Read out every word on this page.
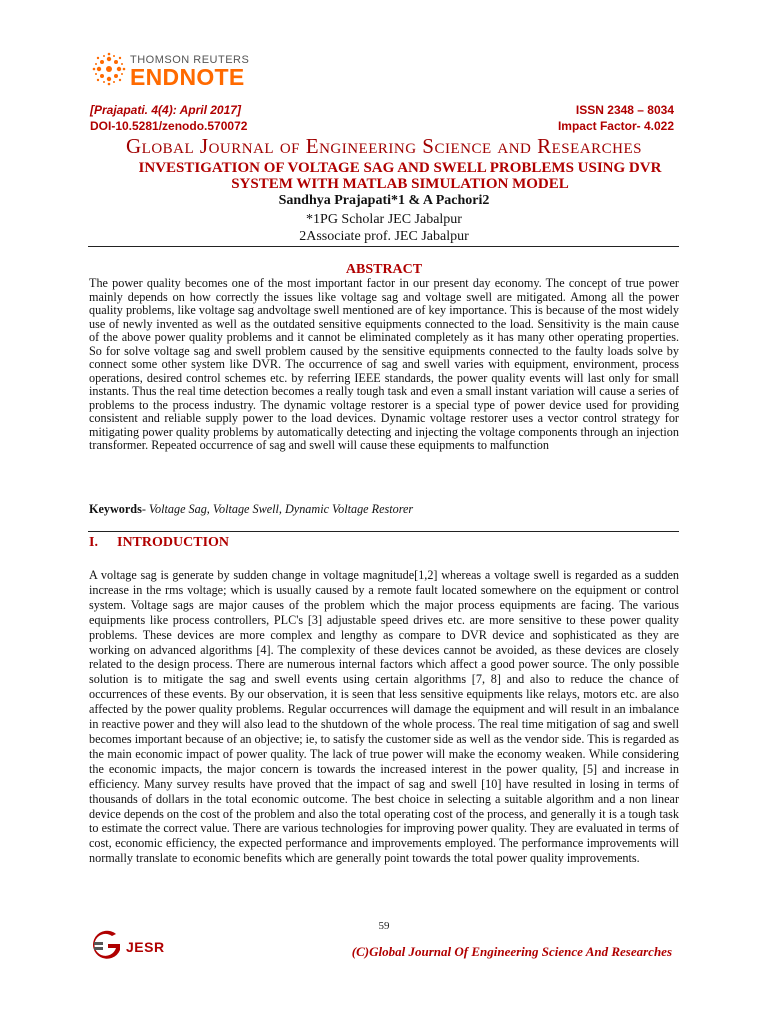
THOMSON REUTERS
ENDNOTE
[Prajapati. 4(4): April 2017]
DOI-10.5281/zenodo.570072
ISSN 2348 – 8034
Impact Factor- 4.022
Global Journal of Engineering Science and Researches
INVESTIGATION OF VOLTAGE SAG AND SWELL PROBLEMS USING DVR SYSTEM WITH MATLAB SIMULATION MODEL
Sandhya Prajapati*1 & A Pachori2
*1PG Scholar JEC Jabalpur
2Associate prof. JEC Jabalpur
ABSTRACT
The power quality becomes one of the most important factor in our present day economy. The concept of true power mainly depends on how correctly the issues like voltage sag and voltage swell are mitigated. Among all the power quality problems, like voltage sag andvoltage swell mentioned are of key importance. This is because of the most widely use of newly invented as well as the outdated sensitive equipments connected to the load. Sensitivity is the main cause of the above power quality problems and it cannot be eliminated completely as it has many other operating properties. So for solve voltage sag and swell problem caused by the sensitive equipments connected to the faulty loads solve by connect some other system like DVR. The occurrence of sag and swell varies with equipment, environment, process operations, desired control schemes etc. by referring IEEE standards, the power quality events will last only for small instants. Thus the real time detection becomes a really tough task and even a small instant variation will cause a series of problems to the process industry. The dynamic voltage restorer is a special type of power device used for providing consistent and reliable supply power to the load devices. Dynamic voltage restorer uses a vector control strategy for mitigating power quality problems by automatically detecting and injecting the voltage components through an injection transformer. Repeated occurrence of sag and swell will cause these equipments to malfunction
Keywords- Voltage Sag, Voltage Swell, Dynamic Voltage Restorer
I. INTRODUCTION
A voltage sag is generate by sudden change in voltage magnitude[1,2] whereas a voltage swell is regarded as a sudden increase in the rms voltage; which is usually caused by a remote fault located somewhere on the equipment or control system. Voltage sags are major causes of the problem which the major process equipments are facing. The various equipments like process controllers, PLC's [3] adjustable speed drives etc. are more sensitive to these power quality problems. These devices are more complex and lengthy as compare to DVR device and sophisticated as they are working on advanced algorithms [4]. The complexity of these devices cannot be avoided, as these devices are closely related to the design process. There are numerous internal factors which affect a good power source. The only possible solution is to mitigate the sag and swell events using certain algorithms [7, 8] and also to reduce the chance of occurrences of these events. By our observation, it is seen that less sensitive equipments like relays, motors etc. are also affected by the power quality problems. Regular occurrences will damage the equipment and will result in an imbalance in reactive power and they will also lead to the shutdown of the whole process. The real time mitigation of sag and swell becomes important because of an objective; ie, to satisfy the customer side as well as the vendor side. This is regarded as the main economic impact of power quality. The lack of true power will make the economy weaken. While considering the economic impacts, the major concern is towards the increased interest in the power quality, [5] and increase in efficiency. Many survey results have proved that the impact of sag and swell [10] have resulted in losing in terms of thousands of dollars in the total economic outcome. The best choice in selecting a suitable algorithm and a non linear device depends on the cost of the problem and also the total operating cost of the process, and generally it is a tough task to estimate the correct value. There are various technologies for improving power quality. They are evaluated in terms of cost, economic efficiency, the expected performance and improvements employed. The performance improvements will normally translate to economic benefits which are generally point towards the total power quality improvements.
59
JESR	(C)Global Journal Of Engineering Science And Researches
